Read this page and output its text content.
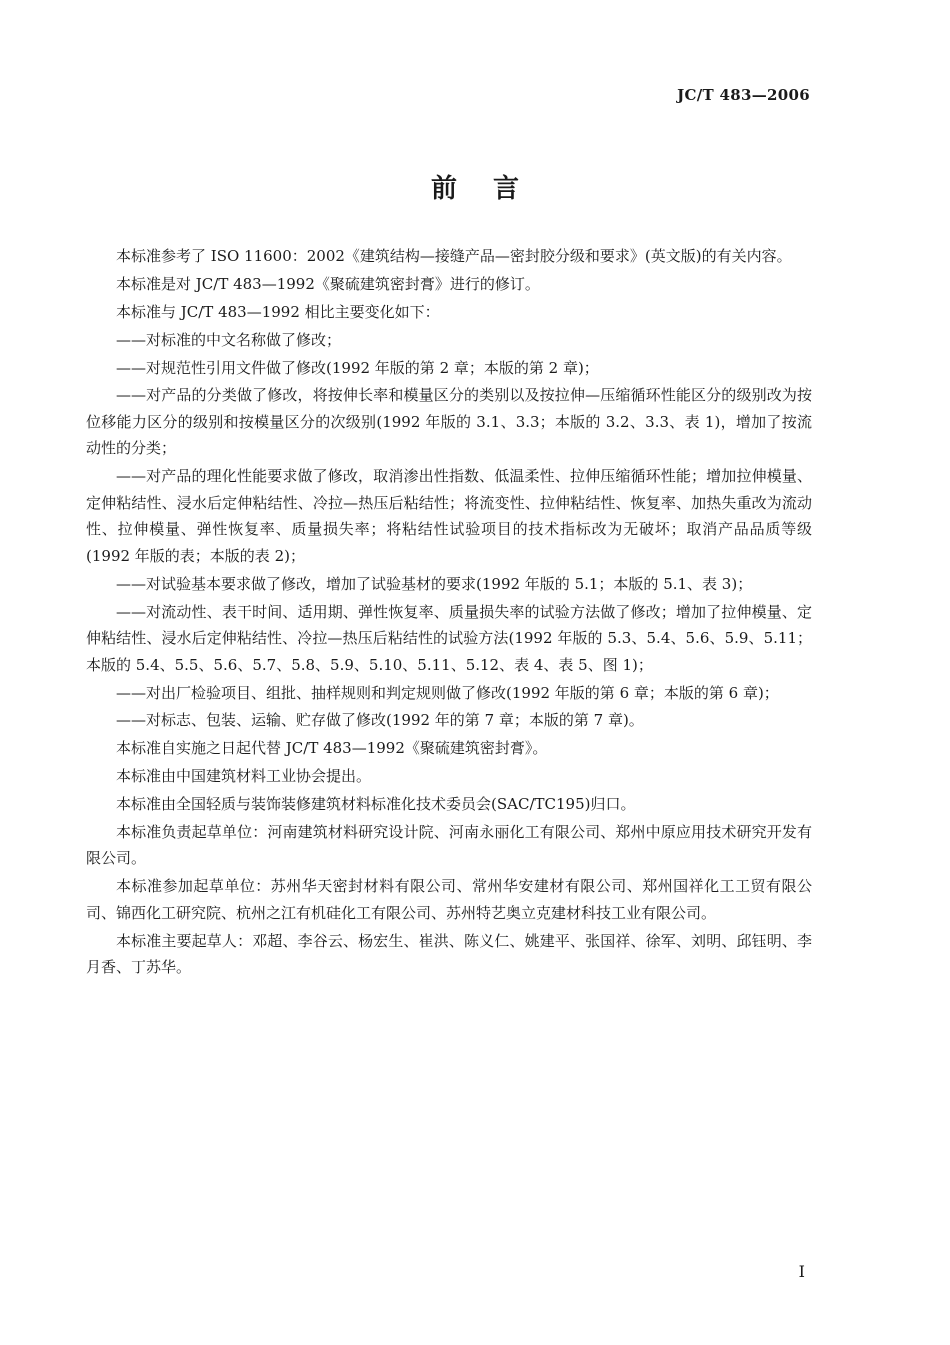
JC/T 483—2006
前言

本标准参考了 ISO 11600：2002《建筑结构—接缝产品—密封胶分级和要求》(英文版)的有关内容。

本标准是对 JC/T 483—1992《聚硫建筑密封膏》进行的修订。

本标准与 JC/T 483—1992 相比主要变化如下：

——对标准的中文名称做了修改；

——对规范性引用文件做了修改(1992 年版的第 2 章；本版的第 2 章)；

——对产品的分类做了修改，将按伸长率和模量区分的类别以及按拉伸—压缩循环性能区分的级别改为按位移能力区分的级别和按模量区分的次级别(1992 年版的 3.1、3.3；本版的 3.2、3.3、表 1)，增加了按流动性的分类；

——对产品的理化性能要求做了修改，取消渗出性指数、低温柔性、拉伸压缩循环性能；增加拉伸模量、定伸粘结性、浸水后定伸粘结性、冷拉—热压后粘结性；将流变性、拉伸粘结性、恢复率、加热失重改为流动性、拉伸模量、弹性恢复率、质量损失率；将粘结性试验项目的技术指标改为无破坏；取消产品品质等级(1992 年版的表；本版的表 2)；

——对试验基本要求做了修改，增加了试验基材的要求(1992 年版的 5.1；本版的 5.1、表 3)；

——对流动性、表干时间、适用期、弹性恢复率、质量损失率的试验方法做了修改；增加了拉伸模量、定伸粘结性、浸水后定伸粘结性、冷拉—热压后粘结性的试验方法(1992 年版的 5.3、5.4、5.6、5.9、5.11；本版的 5.4、5.5、5.6、5.7、5.8、5.9、5.10、5.11、5.12、表 4、表 5、图 1)；

——对出厂检验项目、组批、抽样规则和判定规则做了修改(1992 年版的第 6 章；本版的第 6 章)；

——对标志、包装、运输、贮存做了修改(1992 年的第 7 章；本版的第 7 章)。

本标准自实施之日起代替 JC/T 483—1992《聚硫建筑密封膏》。

本标准由中国建筑材料工业协会提出。

本标准由全国轻质与装饰装修建筑材料标准化技术委员会(SAC/TC195)归口。

本标准负责起草单位：河南建筑材料研究设计院、河南永丽化工有限公司、郑州中原应用技术研究开发有限公司。

本标准参加起草单位：苏州华天密封材料有限公司、常州华安建材有限公司、郑州国祥化工工贸有限公司、锦西化工研究院、杭州之江有机硅化工有限公司、苏州特艺奥立克建材科技工业有限公司。

本标准主要起草人：邓超、李谷云、杨宏生、崔洪、陈义仁、姚建平、张国祥、徐军、刘明、邱钰明、李月香、丁苏华。

I
